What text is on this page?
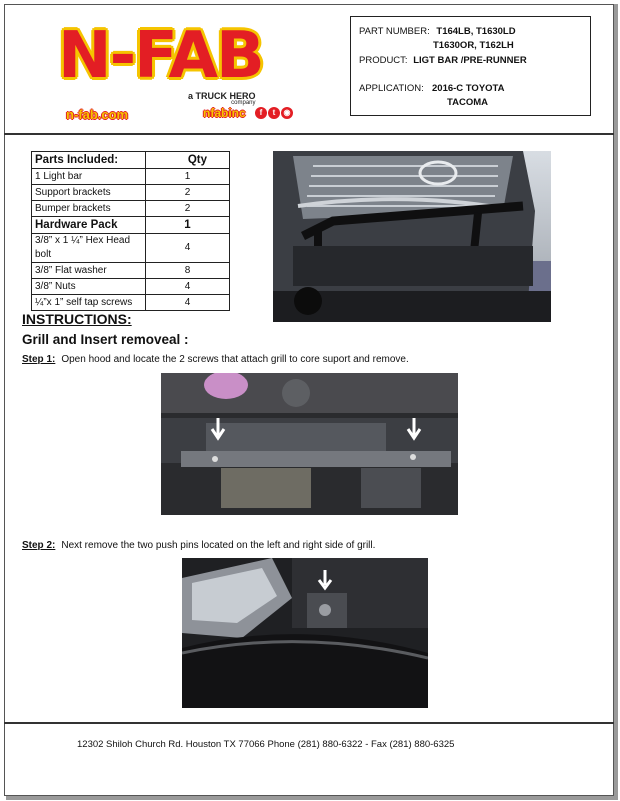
N-FAB
a TRUCK HERO
company
n-fab.com	nfabinc	f	t	◉
PART NUMBER: T164LB, T1630LD
T1630OR, T162LH
PRODUCT: LIGT BAR /PRE-RUNNER
APPLICATION: 2016-C TOYOTA
TACOMA
Parts Included:	Qty
1 Light bar	1
Support brackets	2
Bumper brackets	2
Hardware Pack	1
3/8” x 1 ¼” Hex Head bolt	4
3/8” Flat washer	8
3/8” Nuts	4
¼”x 1” self tap screws	4
INSTRUCTIONS:
Grill and Insert removeal :
Step 1: Open hood and locate the 2 screws that attach grill to core suport and remove.
Step 2: Next remove the two push pins located on the left and right side of grill.
12302 Shiloh Church Rd. Houston TX 77066 Phone (281) 880-6322 - Fax (281) 880-6325
